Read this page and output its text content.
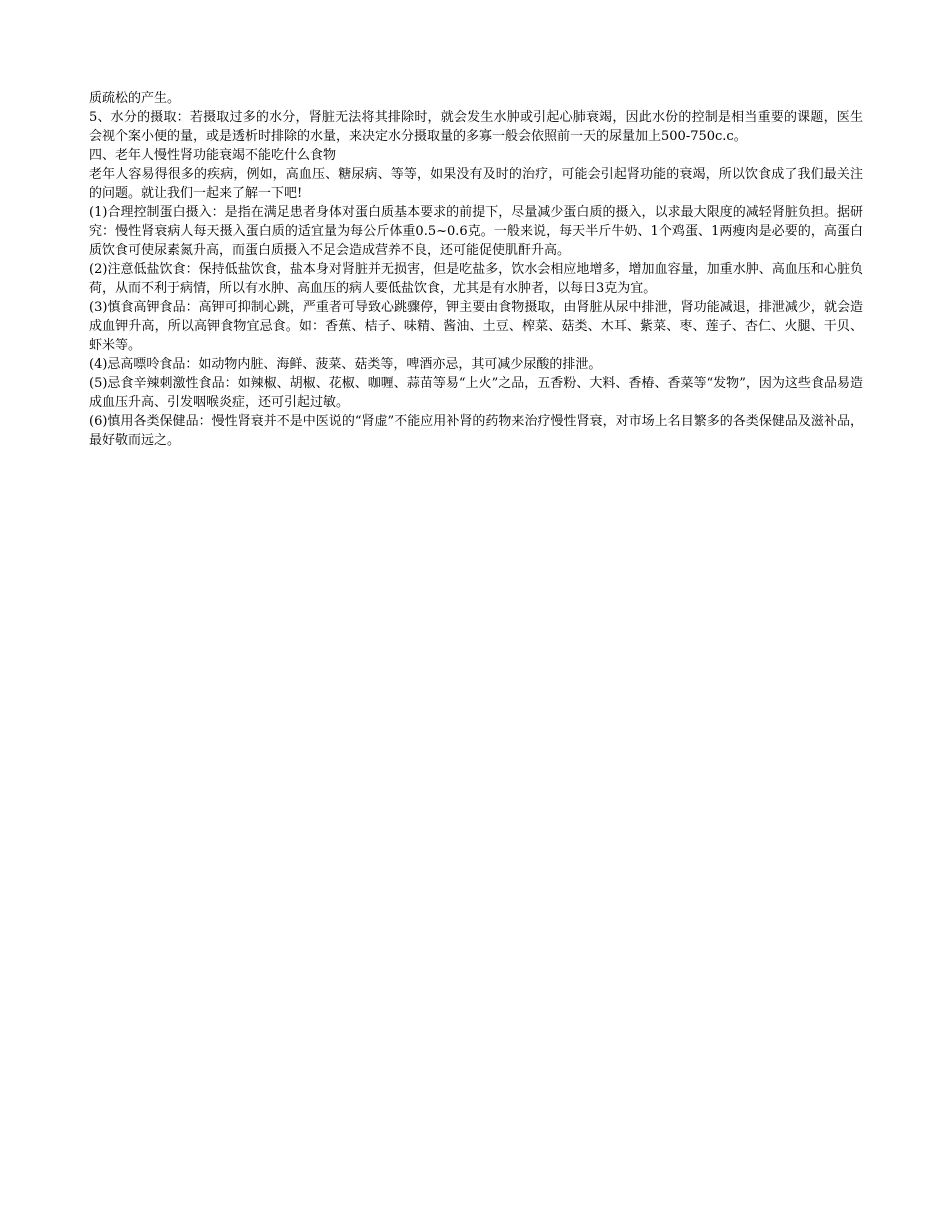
质疏松的产生。

5、水分的摄取：若摄取过多的水分，肾脏无法将其排除时，就会发生水肿或引起心肺衰竭，因此水份的控制是相当重要的课题，医生会视个案小便的量，或是透析时排除的水量，来决定水分摄取量的多寡一般会依照前一天的尿量加上500-750c.c。

四、老年人慢性肾功能衰竭不能吃什么食物

老年人容易得很多的疾病，例如，高血压、糖尿病、等等，如果没有及时的治疗，可能会引起肾功能的衰竭，所以饮食成了我们最关注的问题。就让我们一起来了解一下吧!

(1)合理控制蛋白摄入：是指在满足患者身体对蛋白质基本要求的前提下，尽量减少蛋白质的摄入，以求最大限度的减轻肾脏负担。据研究：慢性肾衰病人每天摄入蛋白质的适宜量为每公斤体重0.5~0.6克。一般来说，每天半斤牛奶、1个鸡蛋、1两瘦肉是必要的，高蛋白质饮食可使尿素氮升高，而蛋白质摄入不足会造成营养不良，还可能促使肌酐升高。

(2)注意低盐饮食：保持低盐饮食，盐本身对肾脏并无损害，但是吃盐多，饮水会相应地增多，增加血容量，加重水肿、高血压和心脏负荷，从而不利于病情，所以有水肿、高血压的病人要低盐饮食，尤其是有水肿者，以每日3克为宜。

(3)慎食高钾食品：高钾可抑制心跳，严重者可导致心跳骤停，钾主要由食物摄取，由肾脏从尿中排泄，肾功能减退，排泄减少，就会造成血钾升高，所以高钾食物宜忌食。如：香蕉、桔子、味精、酱油、土豆、榨菜、菇类、木耳、紫菜、枣、莲子、杏仁、火腿、干贝、虾米等。

(4)忌高嘌呤食品：如动物内脏、海鲜、菠菜、菇类等，啤酒亦忌，其可减少尿酸的排泄。

(5)忌食辛辣刺激性食品：如辣椒、胡椒、花椒、咖喱、蒜苗等易“上火”之品，五香粉、大料、香椿、香菜等“发物”，因为这些食品易造成血压升高、引发咽喉炎症，还可引起过敏。

(6)慎用各类保健品：慢性肾衰并不是中医说的“肾虚”不能应用补肾的药物来治疗慢性肾衰，对市场上名目繁多的各类保健品及滋补品，最好敬而远之。
